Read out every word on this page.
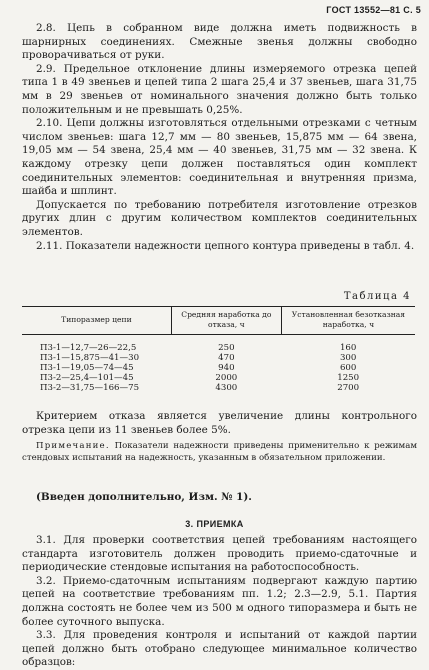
ГОСТ 13552—81 С. 5

2.8. Цепь в собранном виде должна иметь подвижность в шарнирных соединениях. Смежные звенья должны свободно проворачиваться от руки.

2.9. Предельное отклонение длины измеряемого отрезка цепей типа 1 в 49 звеньев и цепей типа 2 шага 25,4 и 37 звеньев, шага 31,75 мм в 29 звеньев от номинального значения должно быть только положительным и не превышать 0,25%.

2.10. Цепи должны изготовляться отдельными отрезками с четным числом звеньев: шага 12,7 мм — 80 звеньев, 15,875 мм — 64 звена, 19,05 мм — 54 звена, 25,4 мм — 40 звеньев, 31,75 мм — 32 звена. К каждому отрезку цепи должен поставляться один комплект соединительных элементов: соединительная и внутренняя призма, шайба и шплинт.

Допускается по требованию потребителя изготовление отрезков других длин с другим количеством комплектов соединительных элементов.

2.11. Показатели надежности цепного контура приведены в табл. 4.

Таблица 4
Типоразмер цепи	Средняя наработка до отказа, ч	Установленная безотказная наработка, ч
П3-1—12,7—26—22,5	250	160
П3-1—15,875—41—30	470	300
П3-1—19,05—74—45	940	600
П3-2—25,4—101—45	2000	1250
П3-2—31,75—166—75	4300	2700

Критерием отказа является увеличение длины контрольного отрезка цепи из 11 звеньев более 5%.

Примечание. Показатели надежности приведены применительно к режимам стендовых испытаний на надежность, указанным в обязательном приложении.

(Введен дополнительно, Изм. № 1).
3. ПРИЕМКА

3.1. Для проверки соответствия цепей требованиям настоящего стандарта изготовитель должен проводить приемо-сдаточные и периодические стендовые испытания на работоспособность.

3.2. Приемо-сдаточным испытаниям подвергают каждую партию цепей на соответствие требованиям пп. 1.2; 2.3—2.9, 5.1. Партия должна состоять не более чем из 500 м одного типоразмера и быть не более суточного выпуска.

3.3. Для проведения контроля и испытаний от каждой партии цепей должно быть отобрано следующее минимальное количество образцов:
